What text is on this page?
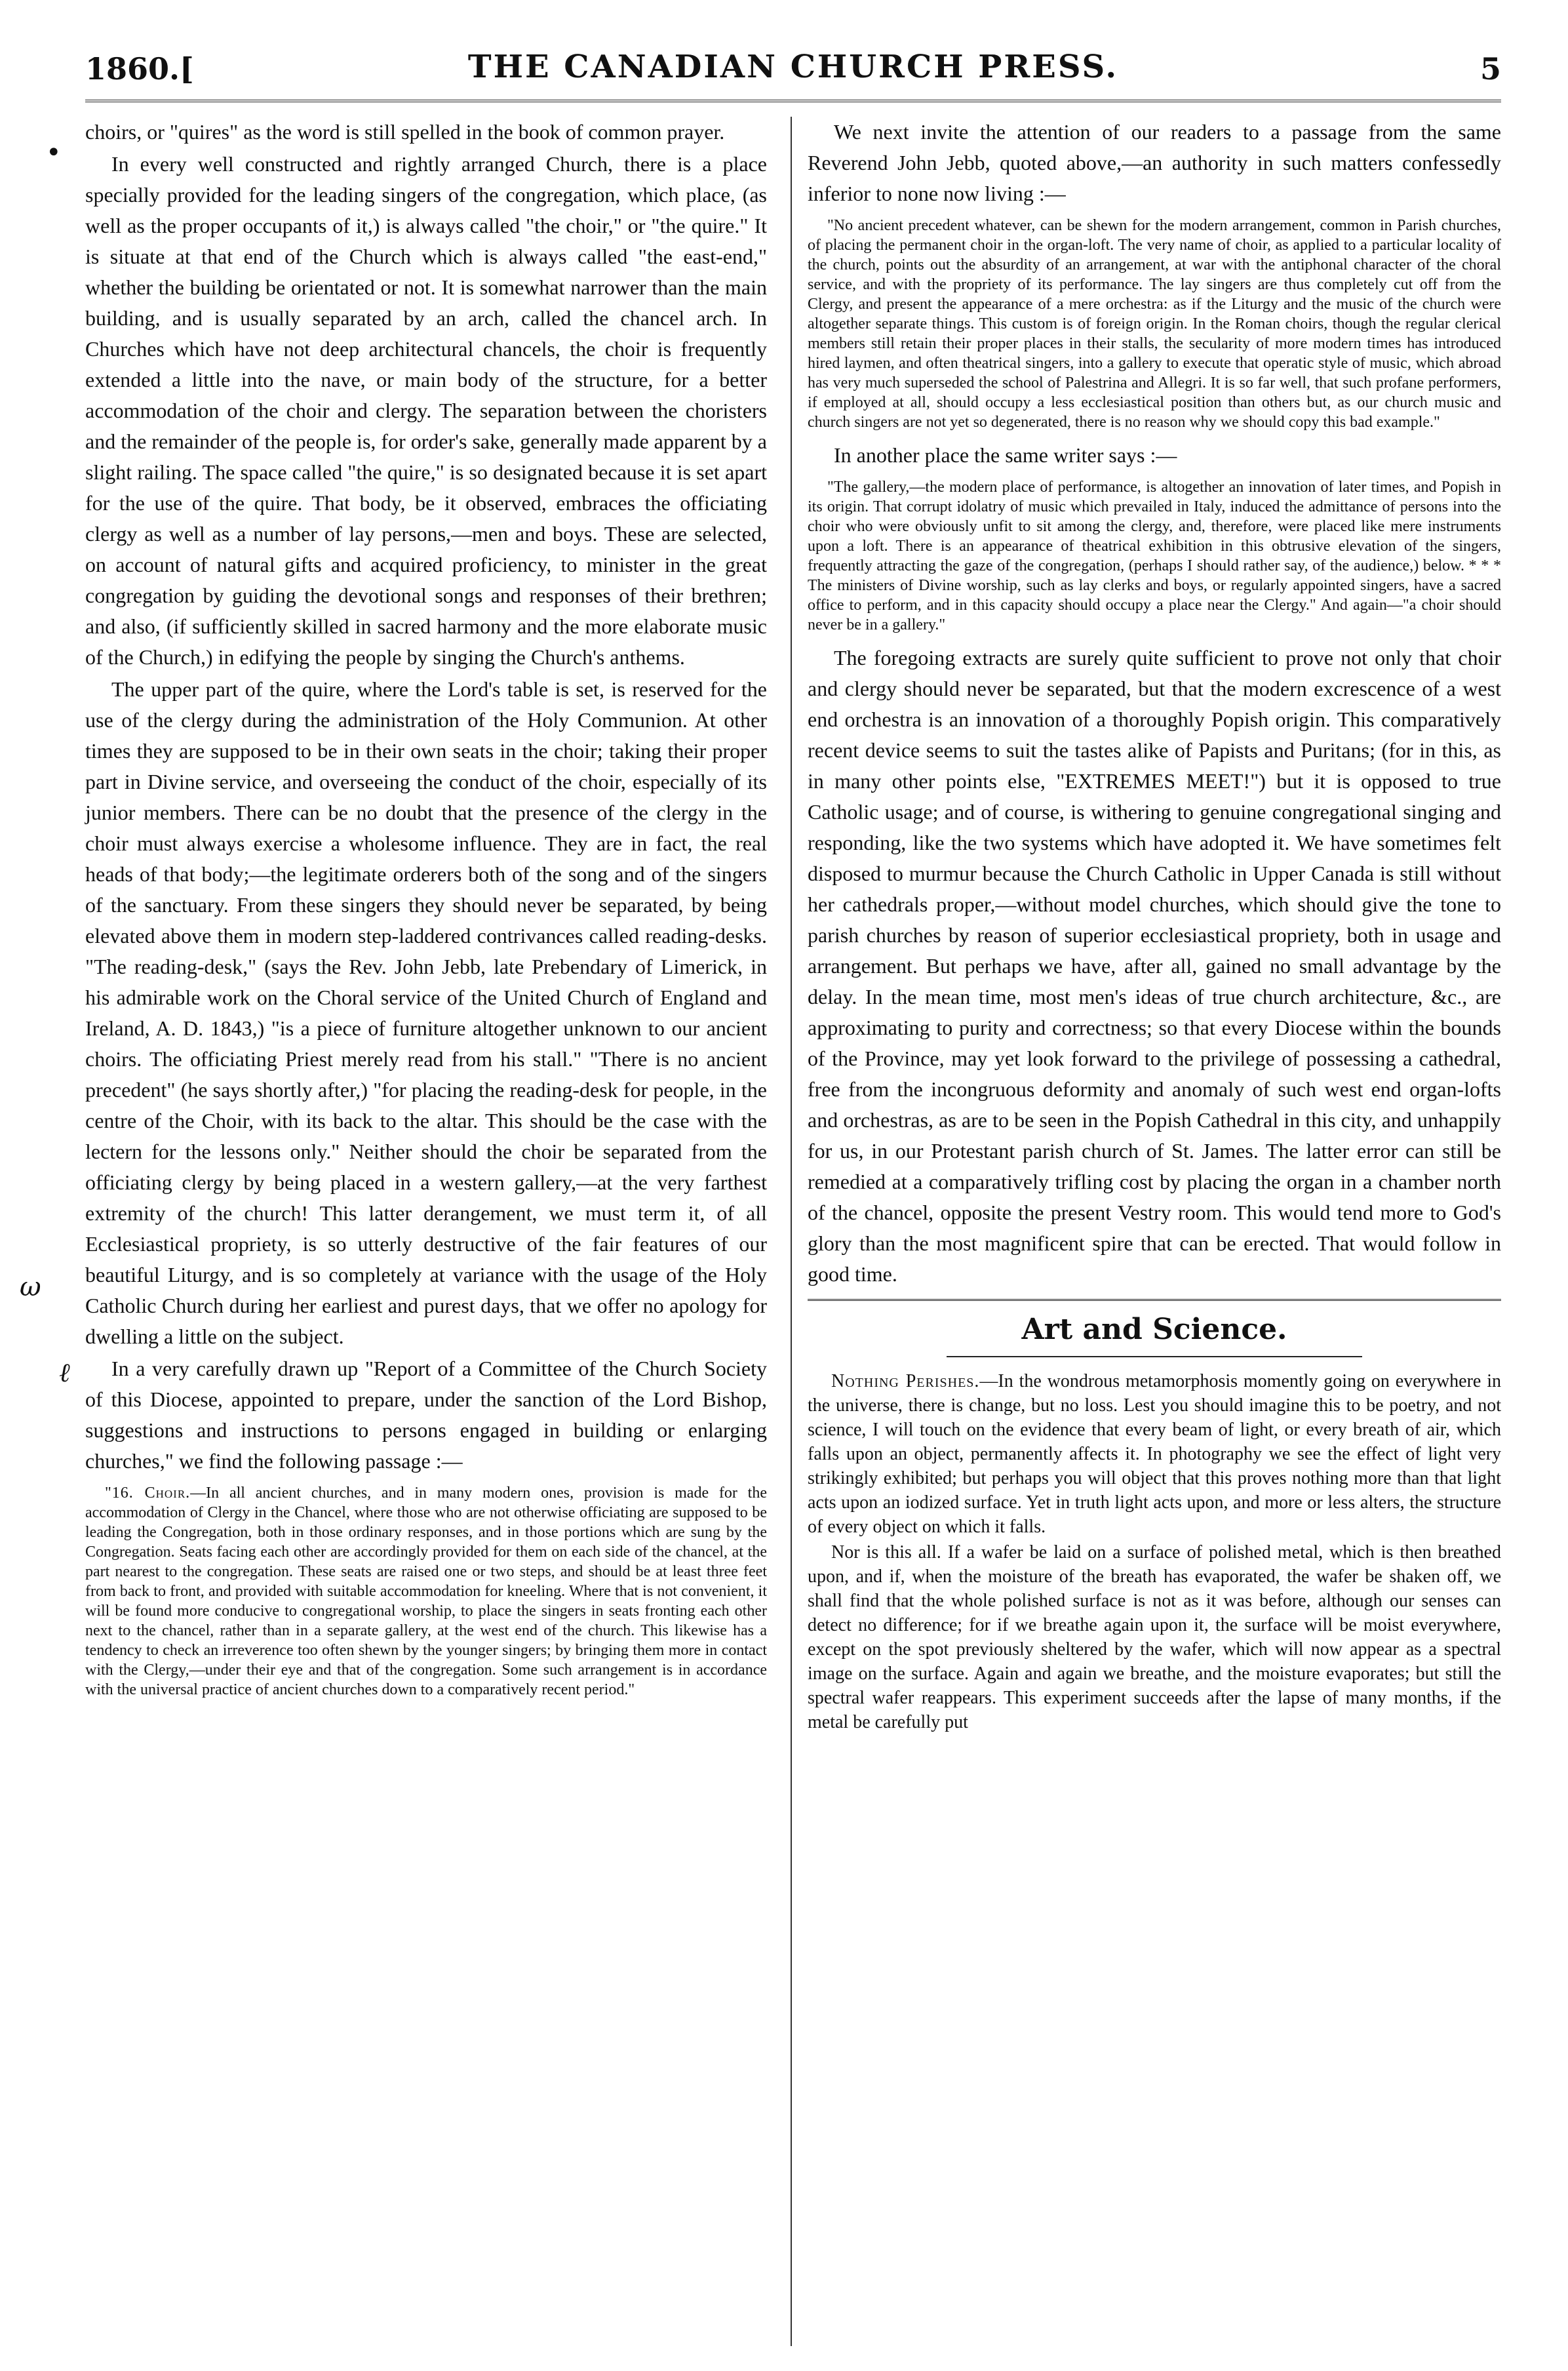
1860.[	THE CANADIAN CHURCH PRESS.	5

choirs, or "quires" as the word is still spelled in the book of common prayer.

In every well constructed and rightly arranged Church, there is a place specially provided for the leading singers of the congregation, which place, (as well as the proper occupants of it,) is always called "the choir," or "the quire." It is situate at that end of the Church which is always called "the east-end," whether the building be orientated or not. It is somewhat narrower than the main building, and is usually separated by an arch, called the chancel arch. In Churches which have not deep architectural chancels, the choir is frequently extended a little into the nave, or main body of the structure, for a better accommodation of the choir and clergy. The separation between the choristers and the remainder of the people is, for order's sake, generally made apparent by a slight railing. The space called "the quire," is so designated because it is set apart for the use of the quire. That body, be it observed, embraces the officiating clergy as well as a number of lay persons,—men and boys. These are selected, on account of natural gifts and acquired proficiency, to minister in the great congregation by guiding the devotional songs and responses of their brethren; and also, (if sufficiently skilled in sacred harmony and the more elaborate music of the Church,) in edifying the people by singing the Church's anthems.

The upper part of the quire, where the Lord's table is set, is reserved for the use of the clergy during the administration of the Holy Communion. At other times they are supposed to be in their own seats in the choir; taking their proper part in Divine service, and overseeing the conduct of the choir, especially of its junior members. There can be no doubt that the presence of the clergy in the choir must always exercise a wholesome influence. They are in fact, the real heads of that body;—the legitimate orderers both of the song and of the singers of the sanctuary. From these singers they should never be separated, by being elevated above them in modern step-laddered contrivances called reading-desks. "The reading-desk," (says the Rev. John Jebb, late Prebendary of Limerick, in his admirable work on the Choral service of the United Church of England and Ireland, A. D. 1843,) "is a piece of furniture altogether unknown to our ancient choirs. The officiating Priest merely read from his stall." "There is no ancient precedent" (he says shortly after,) "for placing the reading-desk for people, in the centre of the Choir, with its back to the altar. This should be the case with the lectern for the lessons only." Neither should the choir be separated from the officiating clergy by being placed in a western gallery,—at the very farthest extremity of the church! This latter derangement, we must term it, of all Ecclesiastical propriety, is so utterly destructive of the fair features of our beautiful Liturgy, and is so completely at variance with the usage of the Holy Catholic Church during her earliest and purest days, that we offer no apology for dwelling a little on the subject.

In a very carefully drawn up "Report of a Committee of the Church Society of this Diocese, appointed to prepare, under the sanction of the Lord Bishop, suggestions and instructions to persons engaged in building or enlarging churches," we find the following passage :—

"16. Choir.—In all ancient churches, and in many modern ones, provision is made for the accommodation of Clergy in the Chancel, where those who are not otherwise officiating are supposed to be leading the Congregation, both in those ordinary responses, and in those portions which are sung by the Congregation. Seats facing each other are accordingly provided for them on each side of the chancel, at the part nearest to the congregation. These seats are raised one or two steps, and should be at least three feet from back to front, and provided with suitable accommodation for kneeling. Where that is not convenient, it will be found more conducive to congregational worship, to place the singers in seats fronting each other next to the chancel, rather than in a separate gallery, at the west end of the church. This likewise has a tendency to check an irreverence too often shewn by the younger singers; by bringing them more in contact with the Clergy,—under their eye and that of the congregation. Some such arrangement is in accordance with the universal practice of ancient churches down to a comparatively recent period."

We next invite the attention of our readers to a passage from the same Reverend John Jebb, quoted above,—an authority in such matters confessedly inferior to none now living :—

"No ancient precedent whatever, can be shewn for the modern arrangement, common in Parish churches, of placing the permanent choir in the organ-loft. The very name of choir, as applied to a particular locality of the church, points out the absurdity of an arrangement, at war with the antiphonal character of the choral service, and with the propriety of its performance. The lay singers are thus completely cut off from the Clergy, and present the appearance of a mere orchestra: as if the Liturgy and the music of the church were altogether separate things. This custom is of foreign origin. In the Roman choirs, though the regular clerical members still retain their proper places in their stalls, the secularity of more modern times has introduced hired laymen, and often theatrical singers, into a gallery to execute that operatic style of music, which abroad has very much superseded the school of Palestrina and Allegri. It is so far well, that such profane performers, if employed at all, should occupy a less ecclesiastical position than others but, as our church music and church singers are not yet so degenerated, there is no reason why we should copy this bad example."

In another place the same writer says :—

"The gallery,—the modern place of performance, is altogether an innovation of later times, and Popish in its origin. That corrupt idolatry of music which prevailed in Italy, induced the admittance of persons into the choir who were obviously unfit to sit among the clergy, and, therefore, were placed like mere instruments upon a loft. There is an appearance of theatrical exhibition in this obtrusive elevation of the singers, frequently attracting the gaze of the congregation, (perhaps I should rather say, of the audience,) below. * * * The ministers of Divine worship, such as lay clerks and boys, or regularly appointed singers, have a sacred office to perform, and in this capacity should occupy a place near the Clergy." And again—"a choir should never be in a gallery."

The foregoing extracts are surely quite sufficient to prove not only that choir and clergy should never be separated, but that the modern excrescence of a west end orchestra is an innovation of a thoroughly Popish origin. This comparatively recent device seems to suit the tastes alike of Papists and Puritans; (for in this, as in many other points else, "EXTREMES MEET!") but it is opposed to true Catholic usage; and of course, is withering to genuine congregational singing and responding, like the two systems which have adopted it. We have sometimes felt disposed to murmur because the Church Catholic in Upper Canada is still without her cathedrals proper,—without model churches, which should give the tone to parish churches by reason of superior ecclesiastical propriety, both in usage and arrangement. But perhaps we have, after all, gained no small advantage by the delay. In the mean time, most men's ideas of true church architecture, &c., are approximating to purity and correctness; so that every Diocese within the bounds of the Province, may yet look forward to the privilege of possessing a cathedral, free from the incongruous deformity and anomaly of such west end organ-lofts and orchestras, as are to be seen in the Popish Cathedral in this city, and unhappily for us, in our Protestant parish church of St. James. The latter error can still be remedied at a comparatively trifling cost by placing the organ in a chamber north of the chancel, opposite the present Vestry room. This would tend more to God's glory than the most magnificent spire that can be erected. That would follow in good time.

Art and Science.

Nothing Perishes.—In the wondrous metamorphosis momently going on everywhere in the universe, there is change, but no loss. Lest you should imagine this to be poetry, and not science, I will touch on the evidence that every beam of light, or every breath of air, which falls upon an object, permanently affects it. In photography we see the effect of light very strikingly exhibited; but perhaps you will object that this proves nothing more than that light acts upon an iodized surface. Yet in truth light acts upon, and more or less alters, the structure of every object on which it falls.

Nor is this all. If a wafer be laid on a surface of polished metal, which is then breathed upon, and if, when the moisture of the breath has evaporated, the wafer be shaken off, we shall find that the whole polished surface is not as it was before, although our senses can detect no difference; for if we breathe again upon it, the surface will be moist everywhere, except on the spot previously sheltered by the wafer, which will now appear as a spectral image on the surface. Again and again we breathe, and the moisture evaporates; but still the spectral wafer reappears. This experiment succeeds after the lapse of many months, if the metal be carefully put

ω
ℓ
•
